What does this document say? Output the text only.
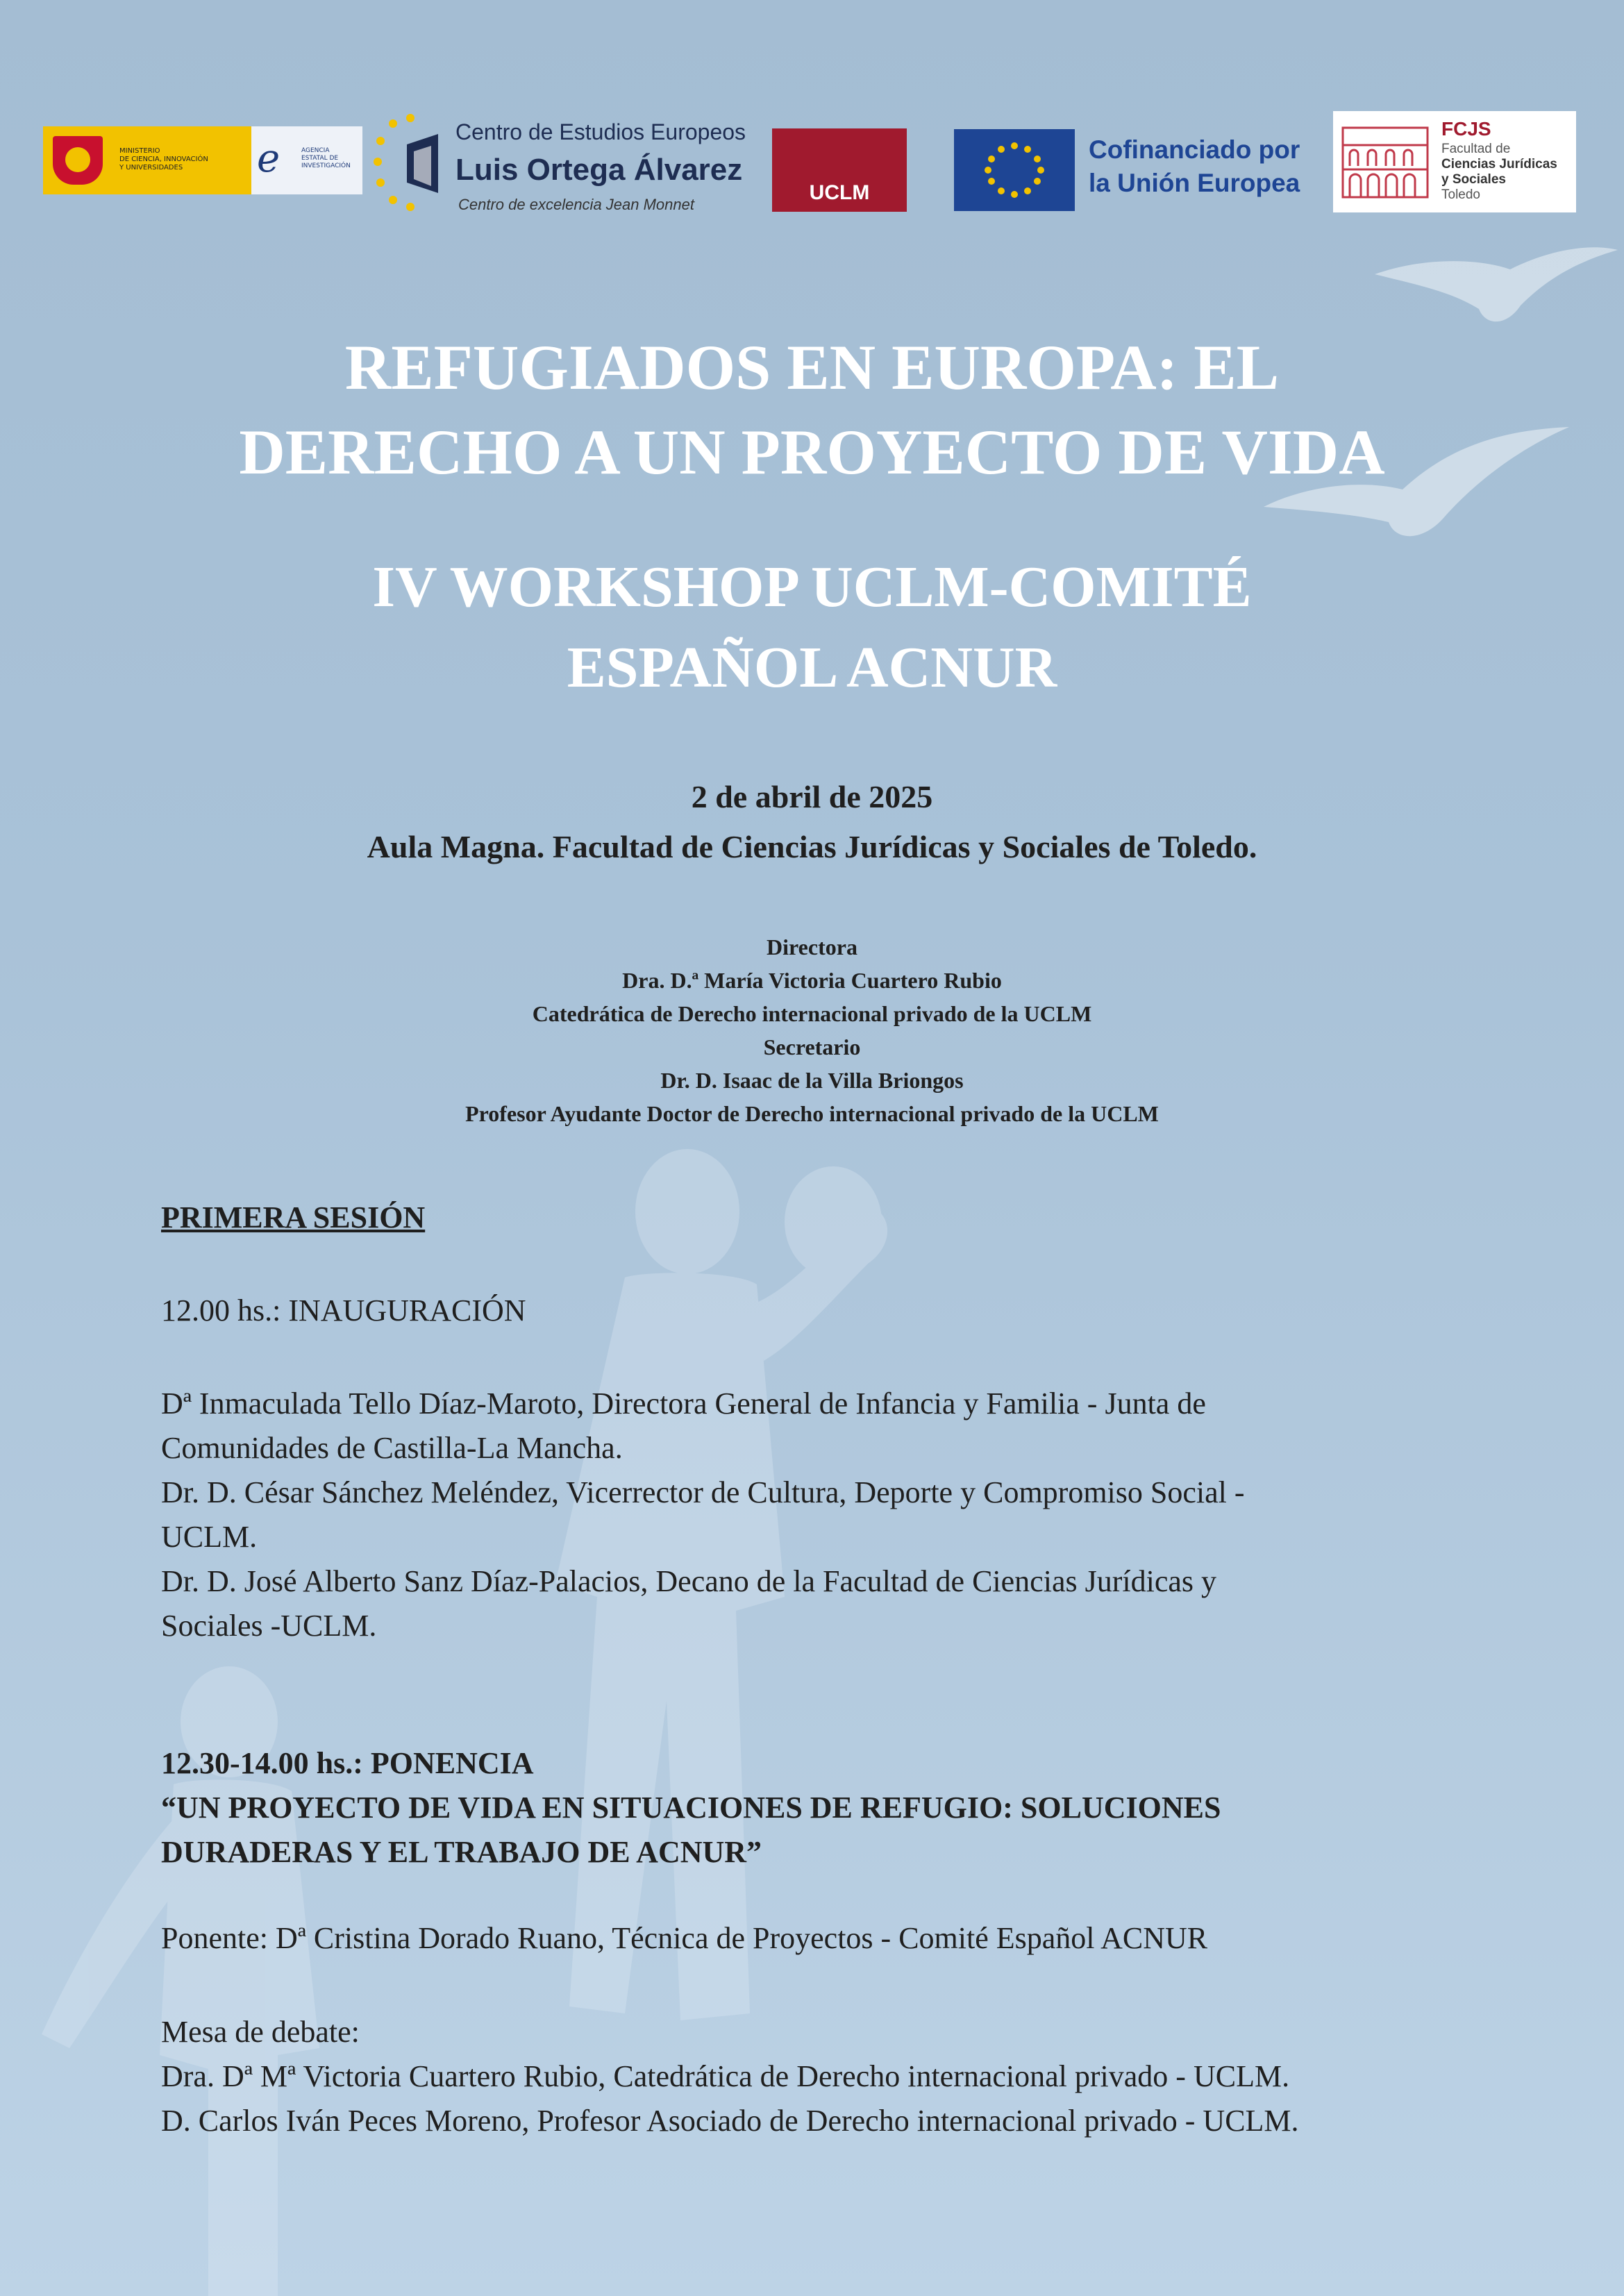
MINISTERIO
DE CIENCIA, INNOVACIÓN
Y UNIVERSIDADES	e	AGENCIA
ESTATAL DE
INVESTIGACIÓN
Centro de Estudios Europeos
Luis Ortega Álvarez
Centro de excelencia Jean Monnet
UCLM
Cofinanciado por
la Unión Europea
FCJS
Facultad de
Ciencias Jurídicas
y Sociales
Toledo
REFUGIADOS EN EUROPA: EL
DERECHO A UN PROYECTO DE VIDA
IV WORKSHOP UCLM-COMITÉ
ESPAÑOL ACNUR
2 de abril de 2025
Aula Magna. Facultad de Ciencias Jurídicas y Sociales de Toledo.
Directora
Dra. D.ª María Victoria Cuartero Rubio
Catedrática de Derecho internacional privado de la UCLM
Secretario
Dr. D. Isaac de la Villa Briongos
Profesor Ayudante Doctor de Derecho internacional privado de la UCLM
PRIMERA SESIÓN
12.00 hs.: INAUGURACIÓN
Dª Inmaculada Tello Díaz-Maroto, Directora General de Infancia y Familia - Junta de
Comunidades de Castilla-La Mancha.
Dr. D. César Sánchez Meléndez, Vicerrector de Cultura, Deporte y Compromiso Social -
UCLM.
Dr. D. José Alberto Sanz Díaz-Palacios, Decano de la Facultad de Ciencias Jurídicas y
Sociales -UCLM.
12.30-14.00 hs.: PONENCIA
“UN PROYECTO DE VIDA EN SITUACIONES DE REFUGIO: SOLUCIONES
DURADERAS Y EL TRABAJO DE ACNUR”
Ponente: Dª Cristina Dorado Ruano, Técnica de Proyectos - Comité Español ACNUR
Mesa de debate:
Dra. Dª Mª Victoria Cuartero Rubio, Catedrática de Derecho internacional privado - UCLM.
D. Carlos Iván Peces Moreno, Profesor Asociado de Derecho internacional privado - UCLM.
